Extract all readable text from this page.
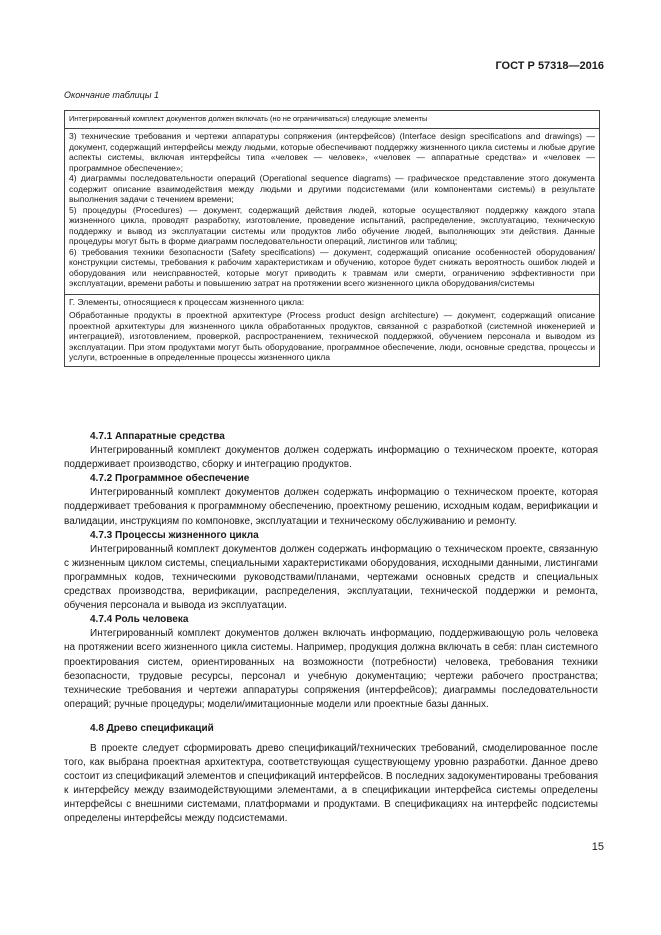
ГОСТ Р 57318—2016
Окончание таблицы 1
Интегрированный комплект документов должен включать (но не ограничиваться) следующие элементы

3) технические требования и чертежи аппаратуры сопряжения (интерфейсов) (Interface design specifications and drawings) — документ, содержащий интерфейсы между людьми, которые обеспечивают поддержку жизненного цикла системы и любые другие аспекты системы, включая интерфейсы типа «человек — человек», «человек — аппаратные средства» и «человек — программное обеспечение»;

4) диаграммы последовательности операций (Operational sequence diagrams) — графическое представление этого документа содержит описание взаимодействия между людьми и другими подсистемами (или компонентами системы) в результате выполнения задачи с течением времени;

5) процедуры (Procedures) — документ, содержащий действия людей, которые осуществляют поддержку каждого этапа жизненного цикла, проводят разработку, изготовление, проведение испытаний, распределение, эксплуатацию, техническую поддержку и вывод из эксплуатации системы или продуктов либо обучение людей, выполняющих эти действия. Данные процедуры могут быть в форме диаграмм последовательности операций, листингов или таблиц;

6) требования техники безопасности (Safety specifications) — документ, содержащий описание особенностей оборудования/конструкции системы, требования к рабочим характеристикам и обучению, которое будет снижать вероятность ошибок людей и оборудования или неисправностей, которые могут приводить к травмам или смерти, ограничению эффективности при эксплуатации, времени работы и повышению затрат на протяжении всего жизненного цикла оборудования/системы

Г. Элементы, относящиеся к процессам жизненного цикла:

Обработанные продукты в проектной архитектуре (Process product design architecture) — документ, содержащий описание проектной архитектуры для жизненного цикла обработанных продуктов, связанной с разработкой (системной инженерией и интеграцией), изготовлением, проверкой, распространением, технической поддержкой, обучением персонала и выводом из эксплуатации. При этом продуктами могут быть оборудование, программное обеспечение, люди, основные средства, процессы и услуги, встроенные в определенные процессы жизненного цикла

4.7.1 Аппаратные средства

Интегрированный комплект документов должен содержать информацию о техническом проекте, которая поддерживает производство, сборку и интеграцию продуктов.

4.7.2 Программное обеспечение

Интегрированный комплект документов должен содержать информацию о техническом проекте, которая поддерживает требования к программному обеспечению, проектному решению, исходным кодам, верификации и валидации, инструкциям по компоновке, эксплуатации и техническому обслуживанию и ремонту.

4.7.3 Процессы жизненного цикла

Интегрированный комплект документов должен содержать информацию о техническом проекте, связанную с жизненным циклом системы, специальными характеристиками оборудования, исходными данными, листингами программных кодов, техническими руководствами/планами, чертежами основных средств и специальных средствах производства, верификации, распределения, эксплуатации, технической поддержки и ремонта, обучения персонала и вывода из эксплуатации.

4.7.4 Роль человека

Интегрированный комплект документов должен включать информацию, поддерживающую роль человека на протяжении всего жизненного цикла системы. Например, продукция должна включать в себя: план системного проектирования систем, ориентированных на возможности (потребности) человека, требования техники безопасности, трудовые ресурсы, персонал и учебную документацию; чертежи рабочего пространства; технические требования и чертежи аппаратуры сопряжения (интерфейсов); диаграммы последовательности операций; ручные процедуры; модели/имитационные модели или проектные базы данных.

4.8 Древо спецификаций

В проекте следует сформировать древо спецификаций/технических требований, смоделированное после того, как выбрана проектная архитектура, соответствующая существующему уровню разработки. Данное древо состоит из спецификаций элементов и спецификаций интерфейсов. В последних задокументированы требования к интерфейсу между взаимодействующими элементами, а в спецификации интерфейса системы определены интерфейсы с внешними системами, платформами и продуктами. В спецификациях на интерфейс подсистемы определены интерфейсы между подсистемами.

15
